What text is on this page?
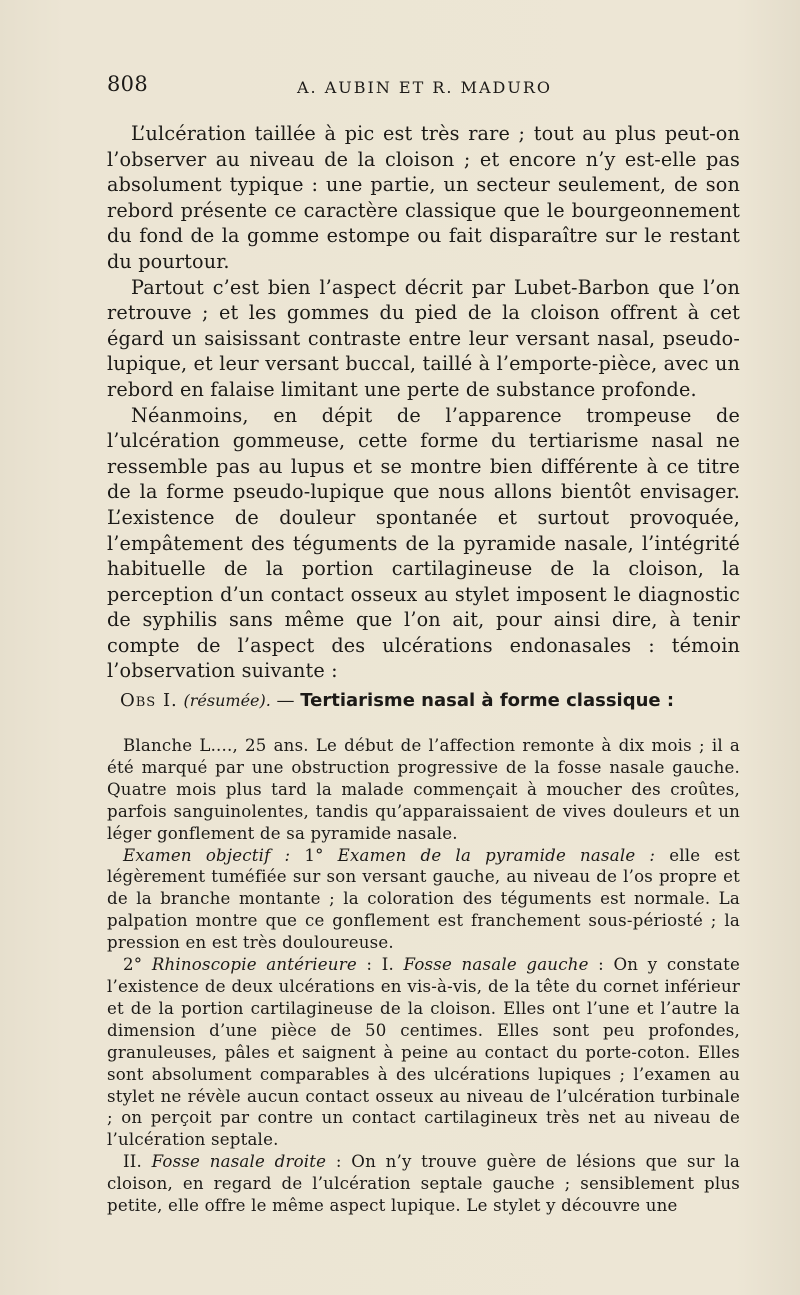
808	A. AUBIN ET R. MADURO

L’ulcération taillée à pic est très rare ; tout au plus peut-on l’observer au niveau de la cloison ; et encore n’y est-elle pas absolument typique : une partie, un secteur seulement, de son rebord présente ce caractère classique que le bourgeonnement du fond de la gomme estompe ou fait disparaître sur le restant du pourtour.

Partout c’est bien l’aspect décrit par Lubet-Barbon que l’on retrouve ; et les gommes du pied de la cloison offrent à cet égard un saisissant contraste entre leur versant nasal, pseudo-lupique, et leur versant buccal, taillé à l’emporte-pièce, avec un rebord en falaise limitant une perte de substance profonde.

Néanmoins, en dépit de l’apparence trompeuse de l’ulcération gommeuse, cette forme du tertiarisme nasal ne ressemble pas au lupus et se montre bien différente à ce titre de la forme pseudo-lupique que nous allons bientôt envisager. L’existence de douleur spontanée et surtout provoquée, l’empâtement des téguments de la pyramide nasale, l’intégrité habituelle de la portion cartilagineuse de la cloison, la perception d’un contact osseux au stylet imposent le diagnostic de syphilis sans même que l’on ait, pour ainsi dire, à tenir compte de l’aspect des ulcérations endonasales : témoin l’observation suivante :

Obs I. (résumée). — Tertiarisme nasal à forme classique :

Blanche L...., 25 ans. Le début de l’affection remonte à dix mois ; il a été marqué par une obstruction progressive de la fosse nasale gauche. Quatre mois plus tard la malade commençait à moucher des croûtes, parfois sanguinolentes, tandis qu’apparaissaient de vives douleurs et un léger gonflement de sa pyramide nasale.

Examen objectif : 1° Examen de la pyramide nasale : elle est légèrement tuméfiée sur son versant gauche, au niveau de l’os propre et de la branche montante ; la coloration des téguments est normale. La palpation montre que ce gonflement est franchement sous-périosté ; la pression en est très douloureuse.

2° Rhinoscopie antérieure : I. Fosse nasale gauche : On y constate l’existence de deux ulcérations en vis-à-vis, de la tête du cornet inférieur et de la portion cartilagineuse de la cloison. Elles ont l’une et l’autre la dimension d’une pièce de 50 centimes. Elles sont peu profondes, granuleuses, pâles et saignent à peine au contact du porte-coton. Elles sont absolument comparables à des ulcérations lupiques ; l’examen au stylet ne révèle aucun contact osseux au niveau de l’ulcération turbinale ; on perçoit par contre un contact cartilagineux très net au niveau de l’ulcération septale.

II. Fosse nasale droite : On n’y trouve guère de lésions que sur la cloison, en regard de l’ulcération septale gauche ; sensiblement plus petite, elle offre le même aspect lupique. Le stylet y découvre une
